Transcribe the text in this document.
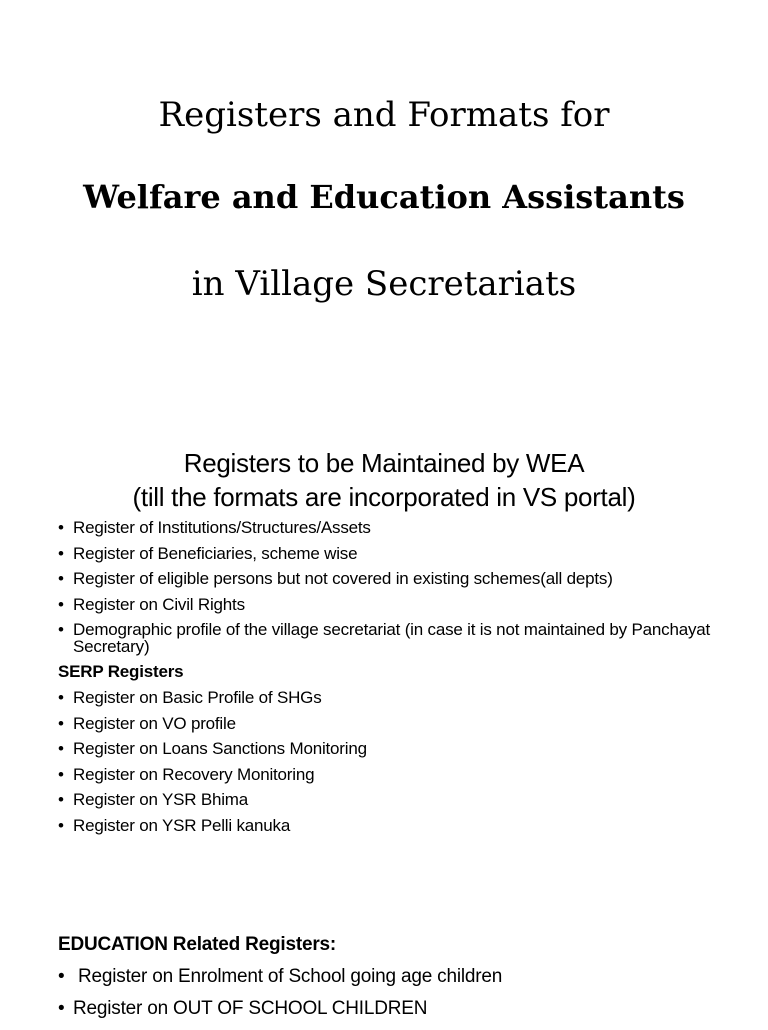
Registers and Formats for
Welfare and Education Assistants
in Village Secretariats
Registers to be Maintained by WEA
(till the formats are incorporated in VS portal)
• Register of Institutions/Structures/Assets
• Register of Beneficiaries, scheme wise
• Register of eligible persons but not covered in existing schemes(all depts)
• Register on Civil Rights
• Demographic profile of the village secretariat (in case it is not maintained by Panchayat Secretary)
SERP Registers
• Register on Basic Profile of SHGs
• Register on VO profile
• Register on Loans Sanctions Monitoring
• Register on Recovery Monitoring
• Register on YSR Bhima
• Register on YSR Pelli kanuka
EDUCATION Related Registers:
• Register on Enrolment of School going age children
• Register on OUT OF SCHOOL CHILDREN
